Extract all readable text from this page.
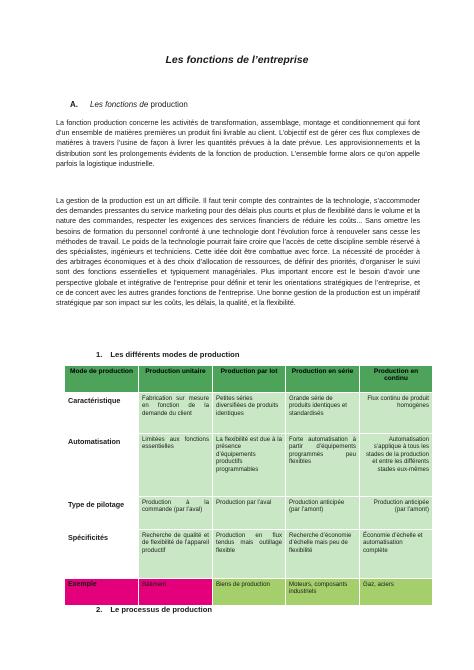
Les fonctions de l’entreprise
A. Les fonctions de production
La fonction production concerne les activités de transformation, assemblage, montage et conditionnement qui font d’un ensemble de matières premières un produit fini livrable au client. L’objectif est de gérer ces flux complexes de matières à travers l’usine de façon à livrer les quantités prévues à la date prévue. Les approvisionnements et la distribution sont les prolongements évidents de la fonction de production. L’ensemble forme alors ce qu’on appelle parfois la logistique industrielle.
La gestion de la production est un art difficile. Il faut tenir compte des contraintes de la technologie, s’accommoder des demandes pressantes du service marketing pour des délais plus courts et plus de flexibilité dans le volume et la nature des commandes, respecter les exigences des services financiers de réduire les coûts... Sans omettre les besoins de formation du personnel confronté à une technologie dont l’évolution force à renouveler sans cesse les méthodes de travail. Le poids de la technologie pourrait faire croire que l’accès de cette discipline semble réservé à des spécialistes, ingénieurs et techniciens. Cette idée doit être combattue avec force. La nécessité de procéder à des arbitrages économiques et à des choix d’allocation de ressources, de définir des priorités, d’organiser le suivi sont des fonctions essentielles et typiquement managériales. Plus important encore est le besoin d’avoir une perspective globale et intégrative de l’entreprise pour définir et tenir les orientations stratégiques de l’entreprise, et ce de concert avec les autres grandes fonctions de l’entreprise. Une bonne gestion de la production est un impératif stratégique par son impact sur les coûts, les délais, la qualité, et la flexibilité.
1. Les différents modes de production
Mode de production	Production unitaire	Production par lot	Production en série	Production en continu
Caractéristique	Fabrication sur mesure en fonction de la demande du client	Petites séries diversifiées de produits identiques	Grande série de produits identiques et standardisés	Flux continu de produit homogènes
Automatisation	Limitées aux fonctions essentielles	La flexibilité est due à la présence d’équipements productifs programmables	Forte automatisation à partir d’équipements programmés peu flexibles	Automatisation s’applique à tous les stades de la production et entre les différents stades eux-mêmes
Type de pilotage	Production à la commande (par l’aval)	Production par l’aval	Production anticipée (par l’amont)	Production anticipée (par l’amont)
Spécificités	Recherche de qualité et de flexibilité de l’appareil productif	Production en flux tendus mais outillage flexible	Recherche d’économie d’échelle mais peu de flexibilité	Économie d’échelle et automatisation complète
Exemple	Bâtiment	Biens de production	Moteurs, composants industriels	Gaz, aciers
2. Le processus de production
